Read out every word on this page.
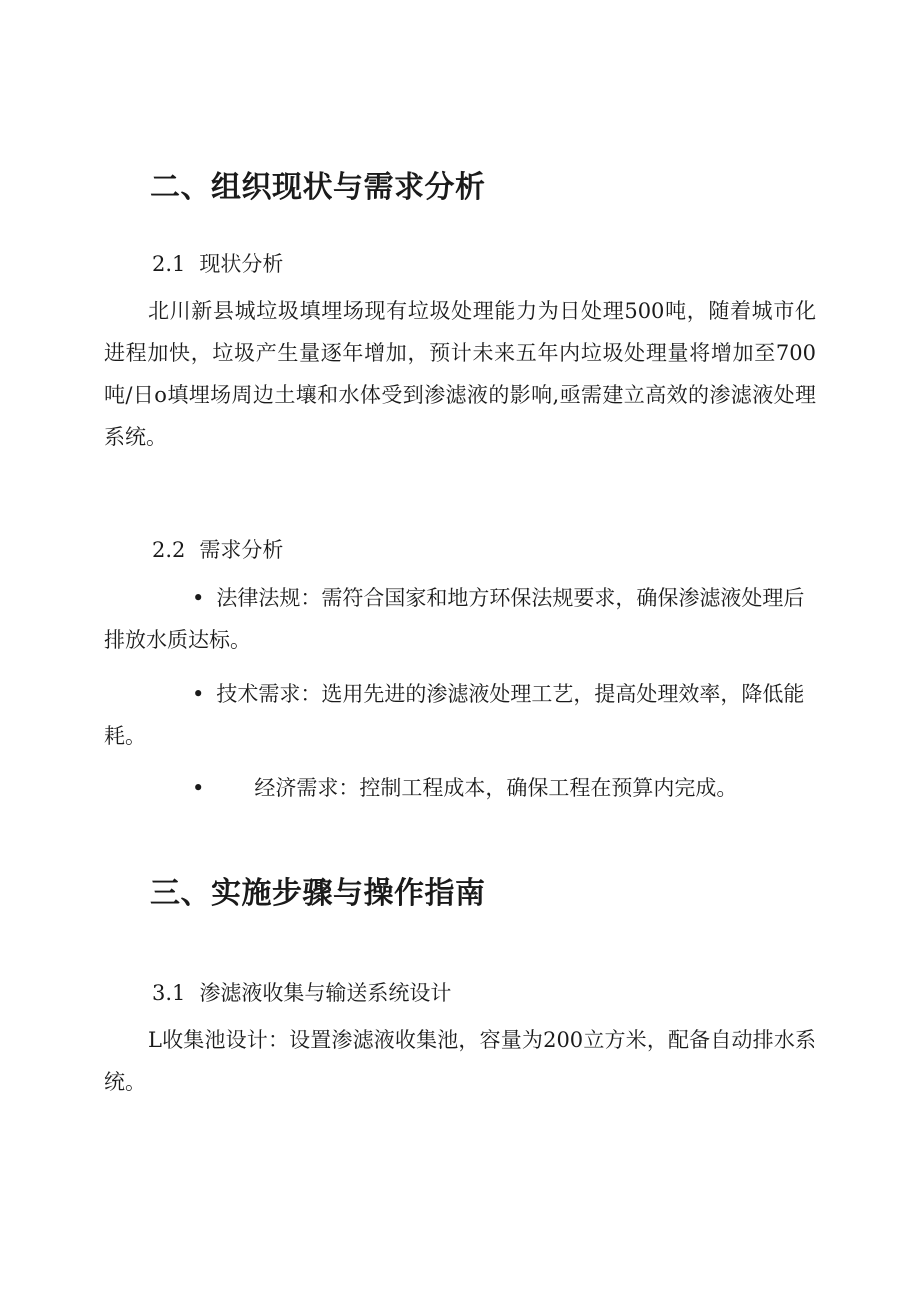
二、组织现状与需求分析
2.1 现状分析
北川新县城垃圾填埋场现有垃圾处理能力为日处理500吨，随着城市化进程加快，垃圾产生量逐年增加，预计未来五年内垃圾处理量将增加至700吨/日o填埋场周边土壤和水体受到渗滤液的影响,亟需建立高效的渗滤液处理系统。
2.2 需求分析
• 法律法规：需符合国家和地方环保法规要求，确保渗滤液处理后排放水质达标。
• 技术需求：选用先进的渗滤液处理工艺，提高处理效率，降低能耗。
• 经济需求：控制工程成本，确保工程在预算内完成。
三、实施步骤与操作指南
3.1 渗滤液收集与输送系统设计
L收集池设计：设置渗滤液收集池，容量为200立方米，配备自动排水系统。
